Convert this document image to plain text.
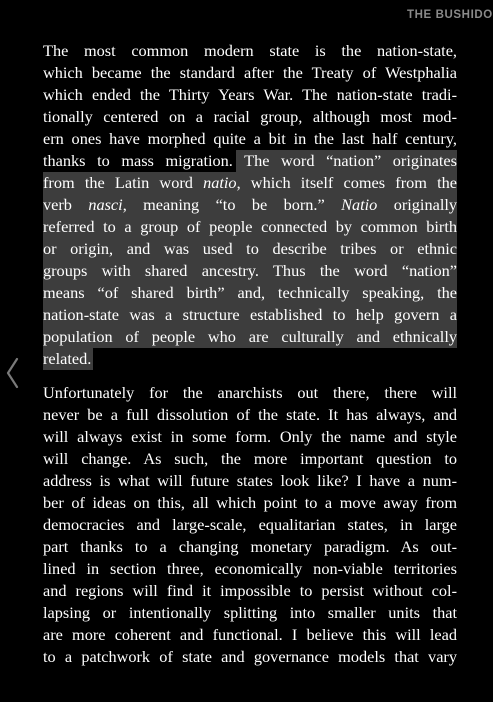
THE BUSHIDO
The most common modern state is the nation-state,
which became the standard after the Treaty of Westphalia
which ended the Thirty Years War. The nation-state tradi-
tionally centered on a racial group, although most mod-
ern ones have morphed quite a bit in the last half century,
thanks to mass migration. The word “nation” originates
from the Latin word natio, which itself comes from the
verb nasci, meaning “to be born.” Natio originally
referred to a group of people connected by common birth
or origin, and was used to describe tribes or ethnic
groups with shared ancestry. Thus the word “nation”
means “of shared birth” and, technically speaking, the
nation-state was a structure established to help govern a
population of people who are culturally and ethnically
related.
Unfortunately for the anarchists out there, there will
never be a full dissolution of the state. It has always, and
will always exist in some form. Only the name and style
will change. As such, the more important question to
address is what will future states look like? I have a num-
ber of ideas on this, all which point to a move away from
democracies and large-scale, equalitarian states, in large
part thanks to a changing monetary paradigm. As out-
lined in section three, economically non-viable territories
and regions will find it impossible to persist without col-
lapsing or intentionally splitting into smaller units that
are more coherent and functional. I believe this will lead
to a patchwork of state and governance models that vary
